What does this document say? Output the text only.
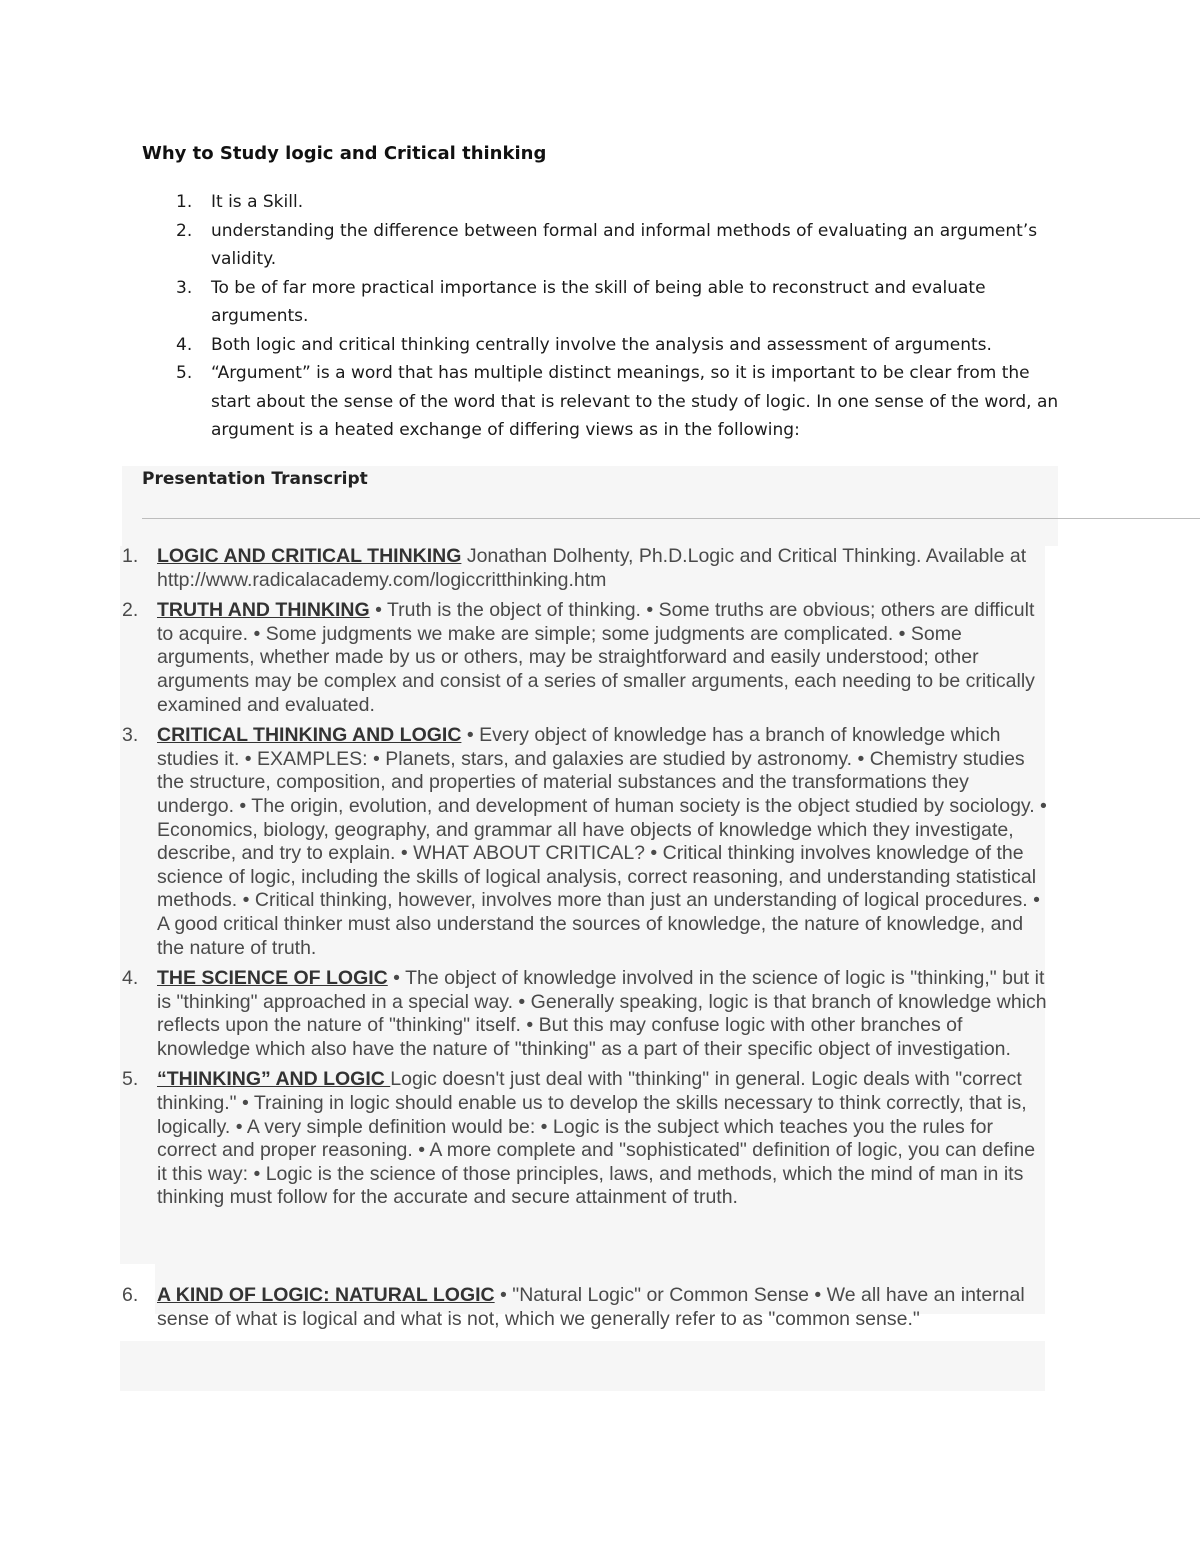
Why to Study logic and Critical thinking
1.	It is a Skill.
2.	understanding the difference between formal and informal methods of evaluating an argument’s validity.
3.	To be of far more practical importance is the skill of being able to reconstruct and evaluate arguments.
4.	Both logic and critical thinking centrally involve the analysis and assessment of arguments.
5.	“Argument” is a word that has multiple distinct meanings, so it is important to be clear from the start about the sense of the word that is relevant to the study of logic. In one sense of the word, an argument is a heated exchange of differing views as in the following:
Presentation Transcript
1. LOGIC AND CRITICAL THINKING Jonathan Dolhenty, Ph.D.Logic and Critical Thinking. Available at http://www.radicalacademy.com/logiccritthinking.htm
2. TRUTH AND THINKING • Truth is the object of thinking. • Some truths are obvious; others are difficult to acquire. • Some judgments we make are simple; some judgments are complicated. • Some arguments, whether made by us or others, may be straightforward and easily understood; other arguments may be complex and consist of a series of smaller arguments, each needing to be critically examined and evaluated.
3. CRITICAL THINKING AND LOGIC • Every object of knowledge has a branch of knowledge which studies it. • EXAMPLES: • Planets, stars, and galaxies are studied by astronomy. • Chemistry studies the structure, composition, and properties of material substances and the transformations they undergo. • The origin, evolution, and development of human society is the object studied by sociology. • Economics, biology, geography, and grammar all have objects of knowledge which they investigate, describe, and try to explain. • WHAT ABOUT CRITICAL? • Critical thinking involves knowledge of the science of logic, including the skills of logical analysis, correct reasoning, and understanding statistical methods. • Critical thinking, however, involves more than just an understanding of logical procedures. • A good critical thinker must also understand the sources of knowledge, the nature of knowledge, and the nature of truth.
4. THE SCIENCE OF LOGIC • The object of knowledge involved in the science of logic is "thinking," but it is "thinking" approached in a special way. • Generally speaking, logic is that branch of knowledge which reflects upon the nature of "thinking" itself. • But this may confuse logic with other branches of knowledge which also have the nature of "thinking" as a part of their specific object of investigation.
5. “THINKING” AND LOGIC Logic doesn't just deal with "thinking" in general. Logic deals with "correct thinking." • Training in logic should enable us to develop the skills necessary to think correctly, that is, logically. • A very simple definition would be: • Logic is the subject which teaches you the rules for correct and proper reasoning. • A more complete and "sophisticated" definition of logic, you can define it this way: • Logic is the science of those principles, laws, and methods, which the mind of man in its thinking must follow for the accurate and secure attainment of truth.
6. A KIND OF LOGIC: NATURAL LOGIC • "Natural Logic" or Common Sense • We all have an internal sense of what is logical and what is not, which we generally refer to as "common sense."
